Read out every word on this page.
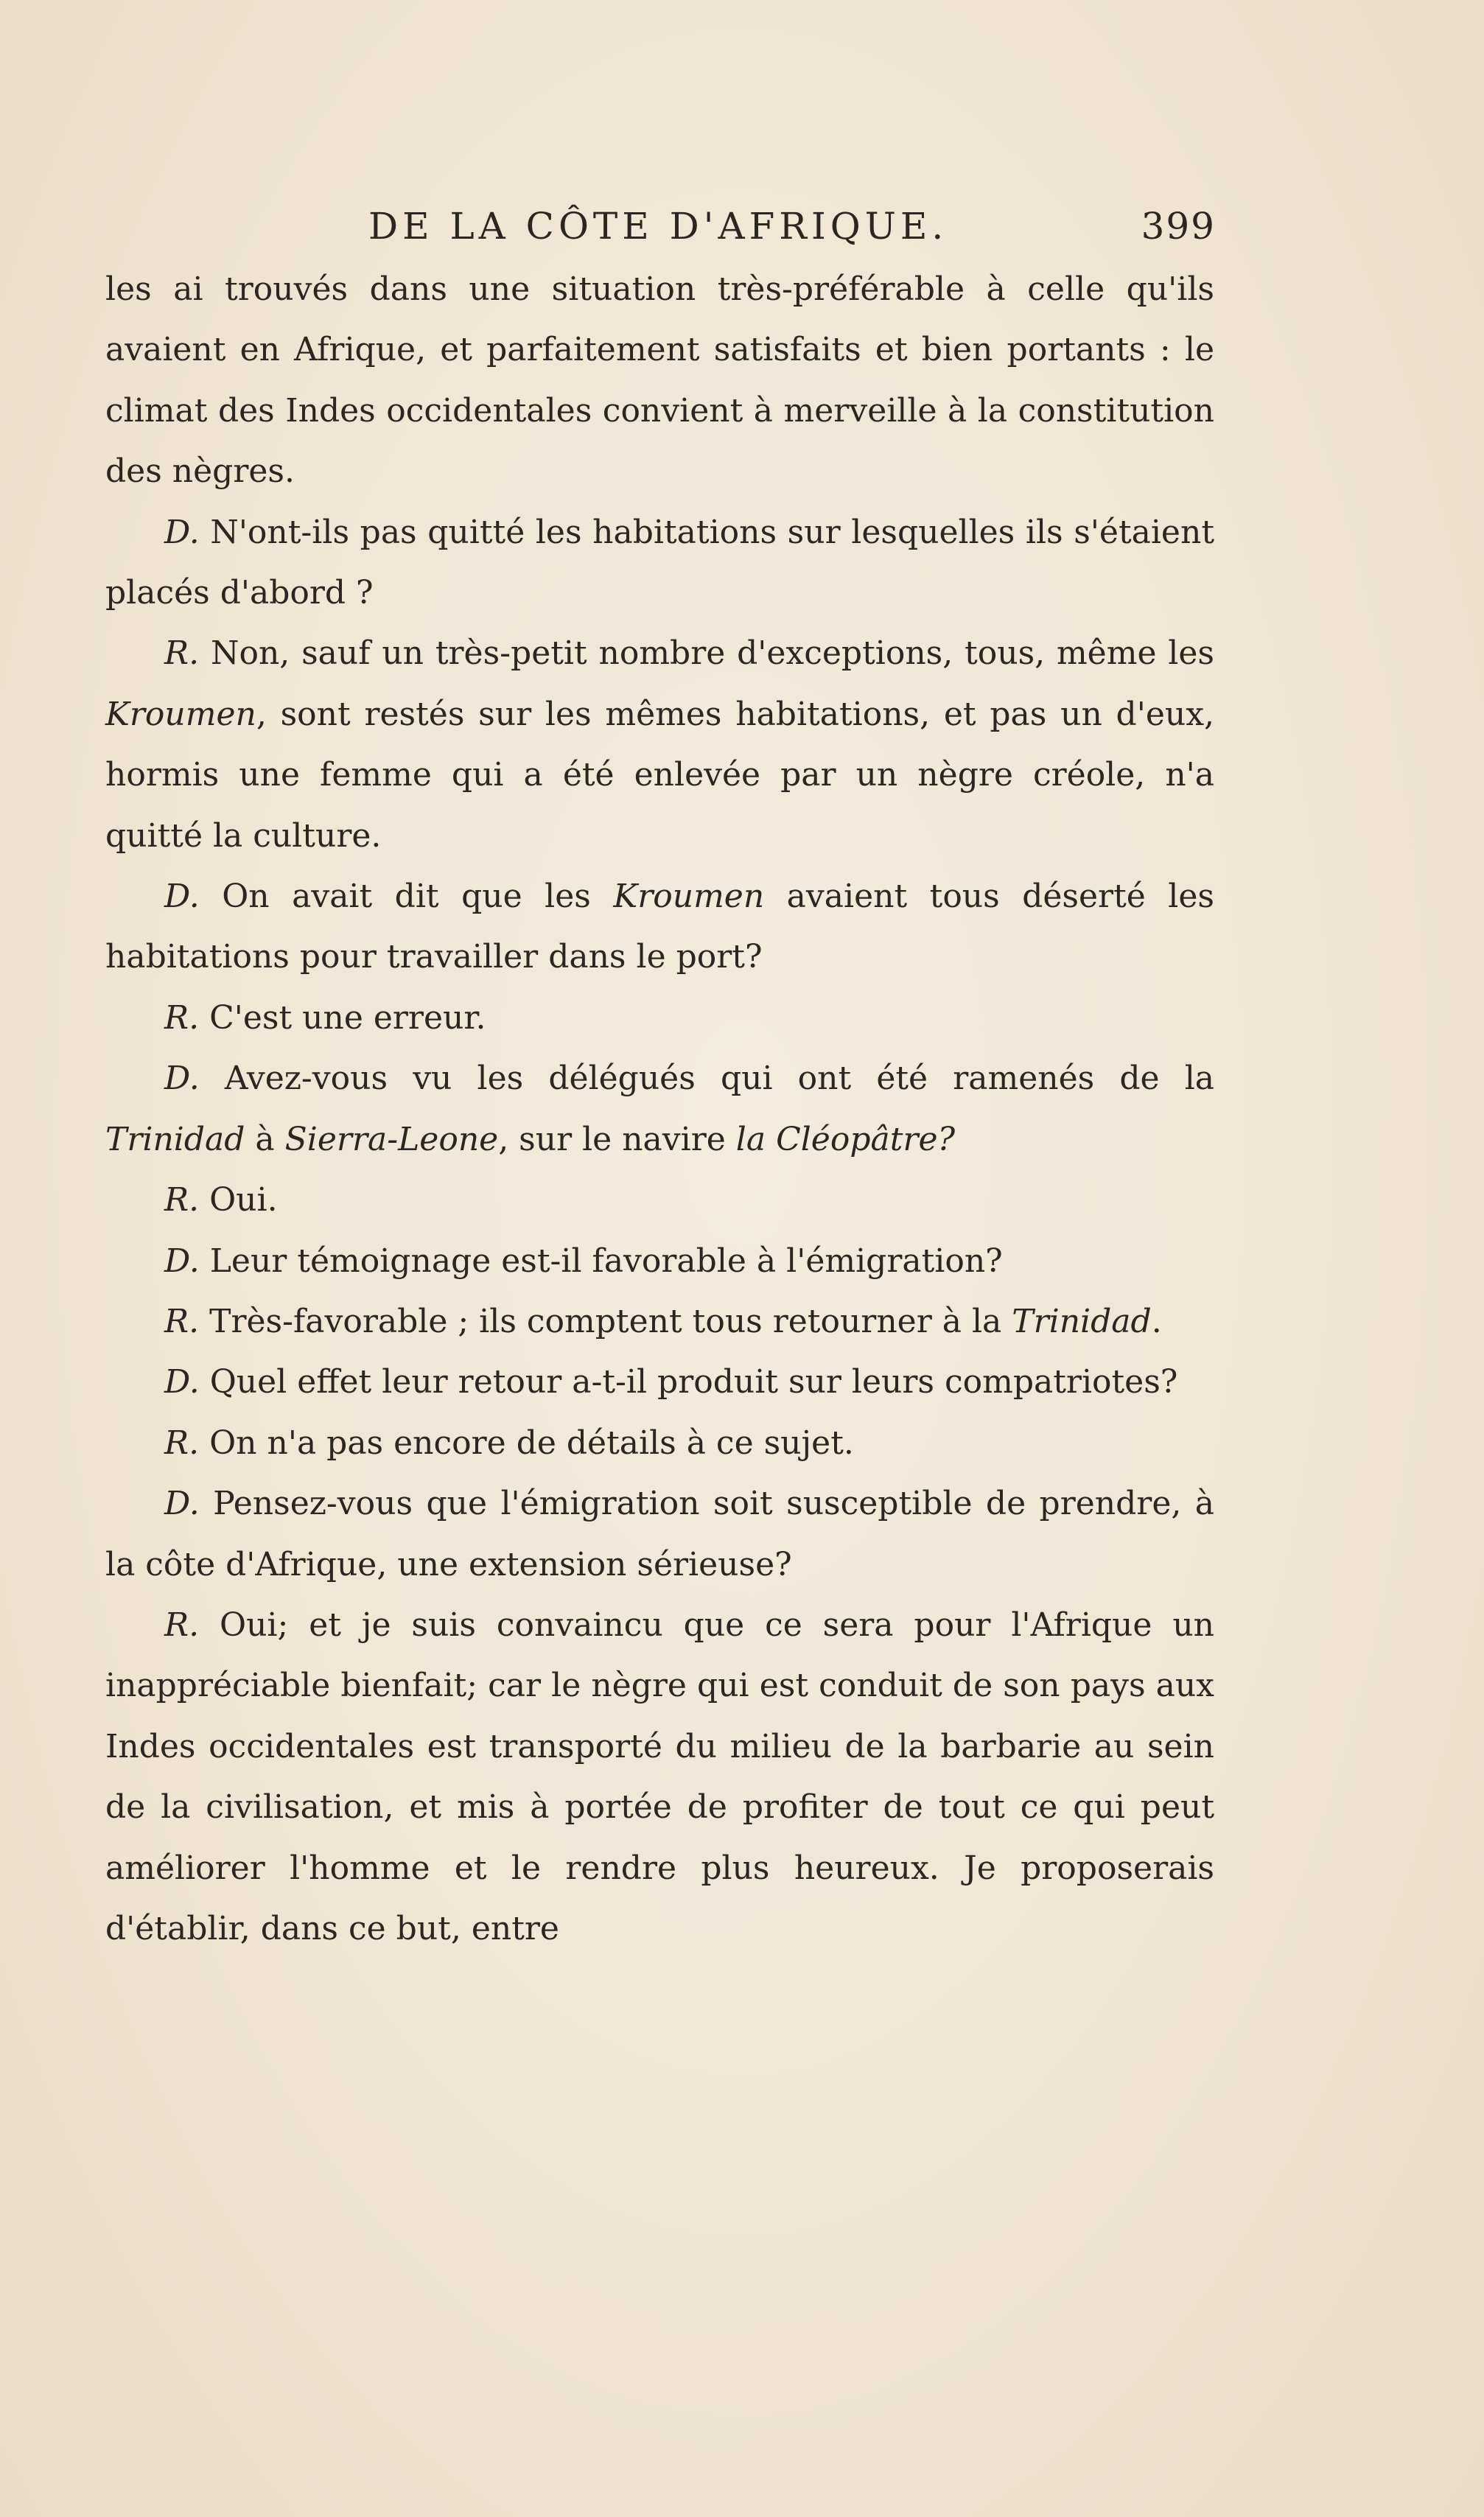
DE LA CÔTE D'AFRIQUE.	399

les ai trouvés dans une situation très-préférable à celle qu'ils avaient en Afrique, et parfaitement satisfaits et bien portants : le climat des Indes occidentales convient à merveille à la constitution des nègres.

D. N'ont-ils pas quitté les habitations sur lesquelles ils s'étaient placés d'abord ?

R. Non, sauf un très-petit nombre d'exceptions, tous, même les Kroumen, sont restés sur les mêmes habitations, et pas un d'eux, hormis une femme qui a été enlevée par un nègre créole, n'a quitté la culture.

D. On avait dit que les Kroumen avaient tous déserté les habitations pour travailler dans le port?

R. C'est une erreur.

D. Avez-vous vu les délégués qui ont été ramenés de la Trinidad à Sierra-Leone, sur le navire la Cléopâtre?

R. Oui.

D. Leur témoignage est-il favorable à l'émigration?

R. Très-favorable ; ils comptent tous retourner à la Trinidad.

D. Quel effet leur retour a-t-il produit sur leurs compatriotes?

R. On n'a pas encore de détails à ce sujet.

D. Pensez-vous que l'émigration soit susceptible de prendre, à la côte d'Afrique, une extension sérieuse?

R. Oui; et je suis convaincu que ce sera pour l'Afrique un inappréciable bienfait; car le nègre qui est conduit de son pays aux Indes occidentales est transporté du milieu de la barbarie au sein de la civilisation, et mis à portée de profiter de tout ce qui peut améliorer l'homme et le rendre plus heureux. Je proposerais d'établir, dans ce but, entre
